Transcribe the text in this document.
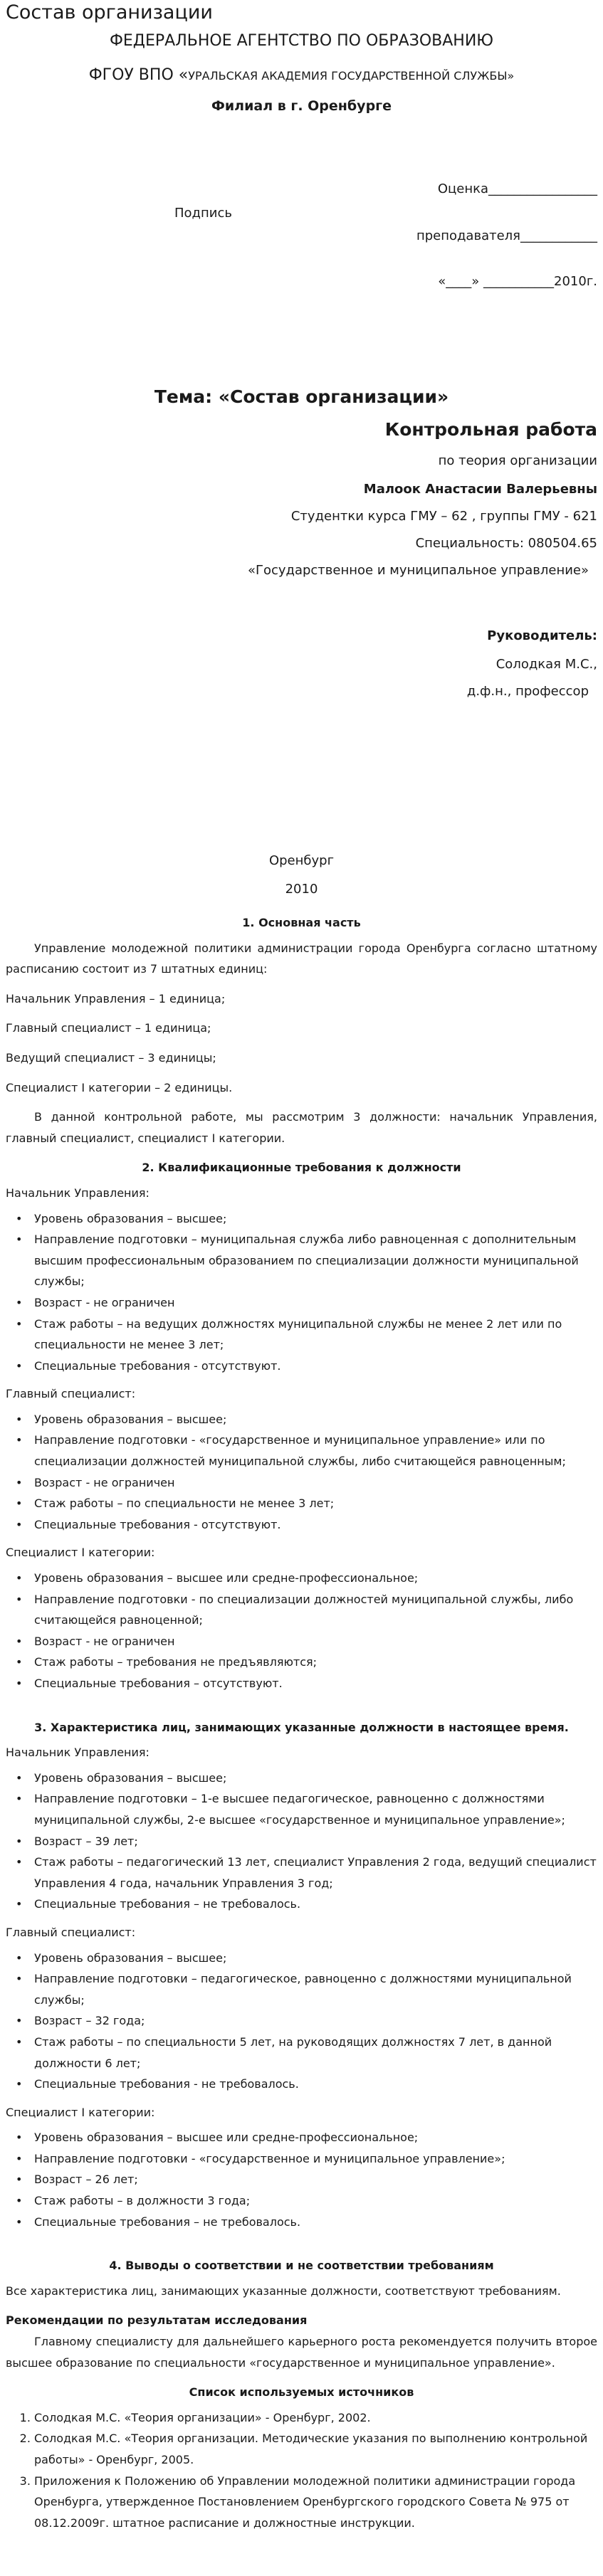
Состав организации
ФЕДЕРАЛЬНОЕ АГЕНТСТВО ПО ОБРАЗОВАНИЮ
ФГОУ ВПО «УРАЛЬСКАЯ АКАДЕМИЯ ГОСУДАРСТВЕННОЙ СЛУЖБЫ»
Филиал в г. Оренбурге
Оценка_________________
Подпись
преподавателя____________
«____» ___________2010г.
Тема: «Состав организации»
Контрольная работа
по теория организации
Малоок Анастасии Валерьевны
Студентки курса ГМУ – 62 , группы ГМУ - 621
Специальность: 080504.65
«Государственное и муниципальное управление»
Руководитель:
Солодкая М.С.,
д.ф.н., профессор
Оренбург
2010

1. Основная часть

Управление молодежной политики администрации города Оренбурга согласно штатному расписанию состоит из 7 штатных единиц:

Начальник Управления – 1 единица;

Главный специалист – 1 единица;

Ведущий специалист – 3 единицы;

Специалист I категории – 2 единицы.

В данной контрольной работе, мы рассмотрим 3 должности: начальник Управления, главный специалист, специалист I категории.

2. Квалификационные требования к должности

Начальник Управления:

• Уровень образования – высшее;
• Направление подготовки – муниципальная служба либо равноценная с дополнительным высшим профессиональным образованием по специализации должности муниципальной службы;
• Возраст - не ограничен
• Стаж работы – на ведущих должностях муниципальной службы не менее 2 лет или по специальности не менее 3 лет;
• Специальные требования - отсутствуют.

Главный специалист:

• Уровень образования – высшее;
• Направление подготовки - «государственное и муниципальное управление» или по специализации должностей муниципальной службы, либо считающейся равноценным;
• Возраст - не ограничен
• Стаж работы – по специальности не менее 3 лет;
• Специальные требования - отсутствуют.

Специалист I категории:

• Уровень образования – высшее или средне-профессиональное;
• Направление подготовки - по специализации должностей муниципальной службы, либо считающейся равноценной;
• Возраст - не ограничен
• Стаж работы – требования не предъявляются;
• Специальные требования – отсутствуют.

3. Характеристика лиц, занимающих указанные должности в настоящее время.

Начальник Управления:

• Уровень образования – высшее;
• Направление подготовки – 1-е высшее педагогическое, равноценно с должностями муниципальной службы, 2-е высшее «государственное и муниципальное управление»;
• Возраст – 39 лет;
• Стаж работы – педагогический 13 лет, специалист Управления 2 года, ведущий специалист Управления 4 года, начальник Управления 3 год;
• Специальные требования – не требовалось.

Главный специалист:

• Уровень образования – высшее;
• Направление подготовки – педагогическое, равноценно с должностями муниципальной службы;
• Возраст – 32 года;
• Стаж работы – по специальности 5 лет, на руководящих должностях 7 лет, в данной должности 6 лет;
• Специальные требования - не требовалось.

Специалист I категории:

• Уровень образования – высшее или средне-профессиональное;
• Направление подготовки - «государственное и муниципальное управление»;
• Возраст – 26 лет;
• Стаж работы – в должности 3 года;
• Специальные требования – не требовалось.

4. Выводы о соответствии и не соответствии требованиям

Все характеристика лиц, занимающих указанные должности, соответствуют требованиям.

Рекомендации по результатам исследования

Главному специалисту для дальнейшего карьерного роста рекомендуется получить второе высшее образование по специальности «государственное и муниципальное управление».

Список используемых источников

1. Солодкая М.С. «Теория организации» - Оренбург, 2002.
2. Солодкая М.С. «Теория организации. Методические указания по выполнению контрольной работы» - Оренбург, 2005.
3. Приложения к Положению об Управлении молодежной политики администрации города Оренбурга, утвержденное Постановлением Оренбургского городского Совета № 975 от 08.12.2009г. штатное расписание и должностные инструкции.
